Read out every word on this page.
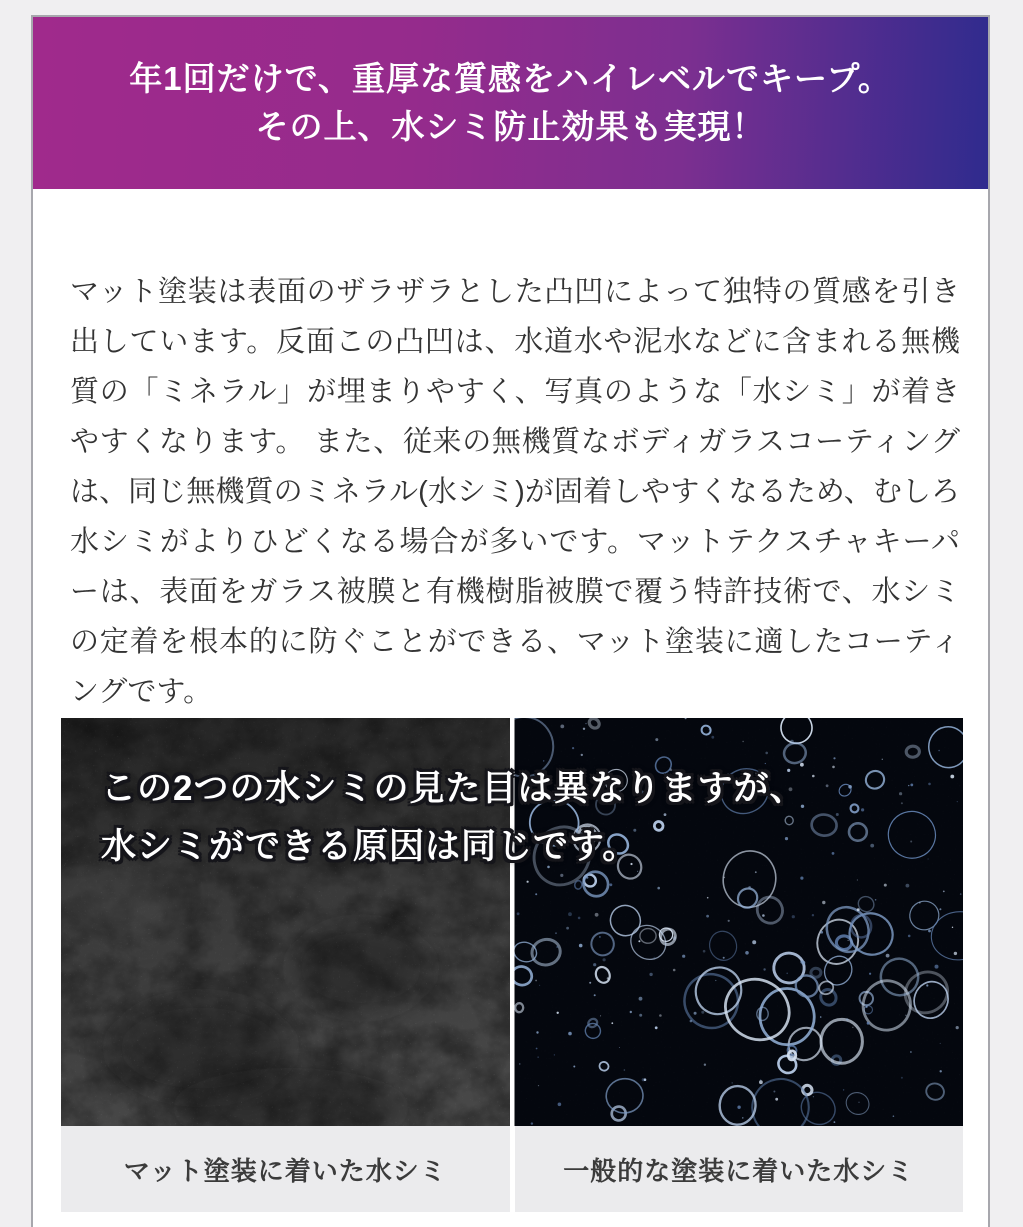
年1回だけで、重厚な質感をハイレベルでキープ。
その上、水シミ防止効果も実現！

マット塗装は表面のザラザラとした凸凹によって独特の質感を引き出しています。反面この凸凹は、水道水や泥水などに含まれる無機質の「ミネラル」が埋まりやすく、写真のような「水シミ」が着きやすくなります。 また、従来の無機質なボディガラスコーティングは、同じ無機質のミネラル(水シミ)が固着しやすくなるため、むしろ水シミがよりひどくなる場合が多いです。マットテクスチャキーパーは、表面をガラス被膜と有機樹脂被膜で覆う特許技術で、水シミの定着を根本的に防ぐことができる、マット塗装に適したコーティングです。

この2つの水シミの見た目は異なりますが、
水シミができる原因は同じです。
マット塗装に着いた水シミ	一般的な塗装に着いた水シミ
